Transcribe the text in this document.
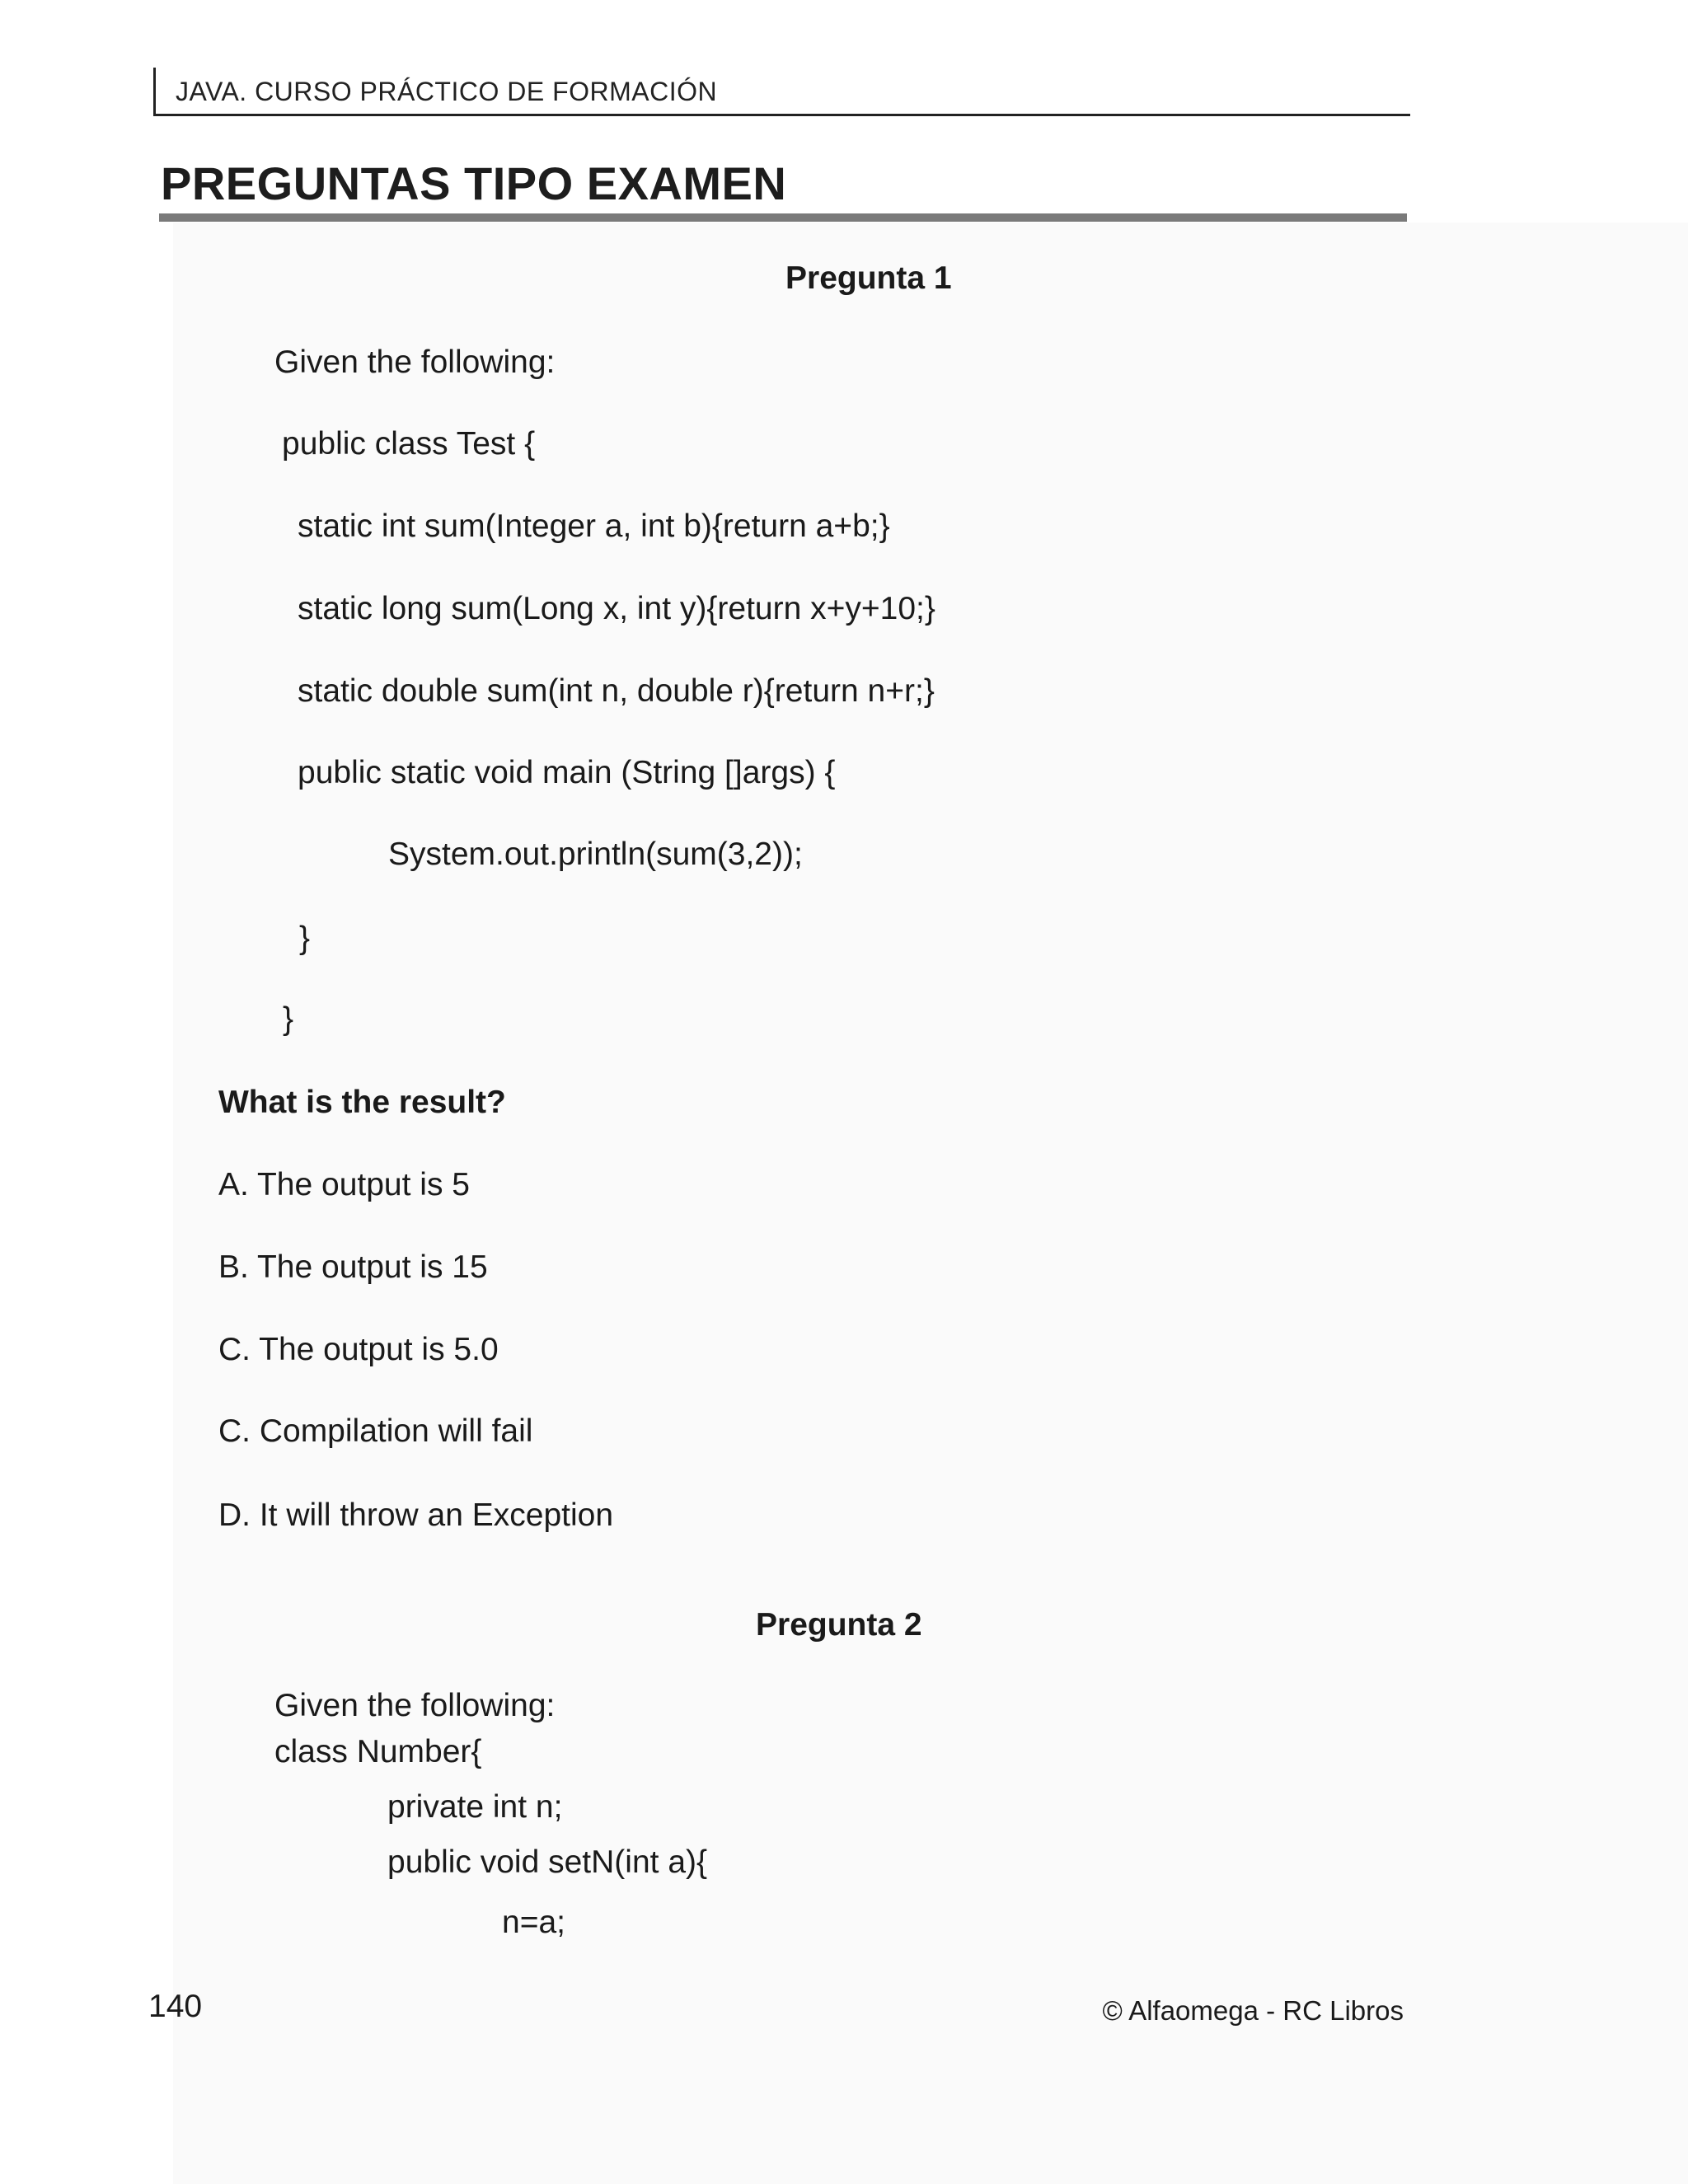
JAVA. CURSO PRÁCTICO DE FORMACIÓN
PREGUNTAS TIPO EXAMEN
Pregunta 1
Given the following:
public class Test {
static int sum(Integer a, int b){return a+b;}
static long sum(Long x, int y){return x+y+10;}
static double sum(int n, double r){return n+r;}
public static void main (String []args) {
System.out.println(sum(3,2));
}
}
What is the result?
A. The output is 5
B. The output is 15
C. The output is 5.0
C. Compilation will fail
D. It will throw an Exception
Pregunta 2
Given the following:
class Number{
private int n;
public void setN(int a){
n=a;
140	© Alfaomega - RC Libros
